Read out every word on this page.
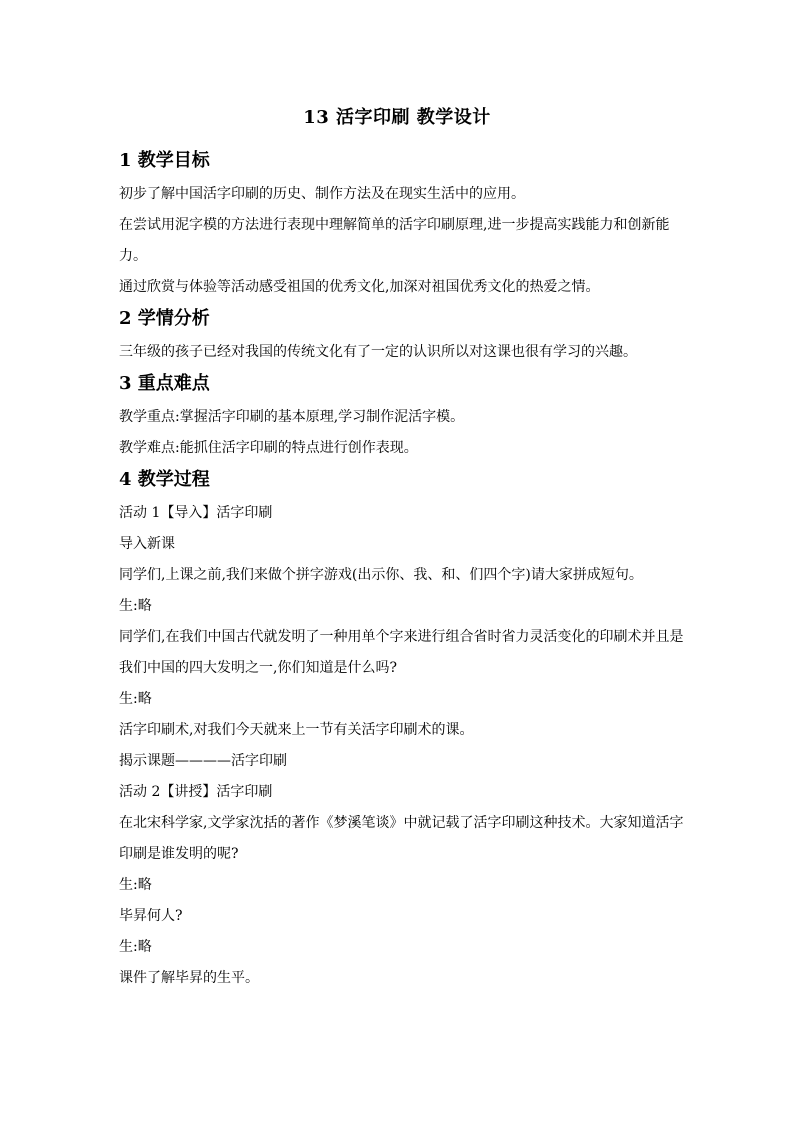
13 活字印刷 教学设计
1 教学目标

初步了解中国活字印刷的历史、制作方法及在现实生活中的应用。

在尝试用泥字模的方法进行表现中理解简单的活字印刷原理,进一步提高实践能力和创新能力。

通过欣赏与体验等活动感受祖国的优秀文化,加深对祖国优秀文化的热爱之情。

2 学情分析

三年级的孩子已经对我国的传统文化有了一定的认识所以对这课也很有学习的兴趣。

3 重点难点

教学重点:掌握活字印刷的基本原理,学习制作泥活字模。

教学难点:能抓住活字印刷的特点进行创作表现。

4 教学过程

活动 1【导入】活字印刷

导入新课

同学们,上课之前,我们来做个拼字游戏(出示你、我、和、们四个字)请大家拼成短句。

生:略

同学们,在我们中国古代就发明了一种用单个字来进行组合省时省力灵活变化的印刷术并且是我们中国的四大发明之一,你们知道是什么吗?

生:略

活字印刷术,对我们今天就来上一节有关活字印刷术的课。

揭示课题————活字印刷

活动 2【讲授】活字印刷

在北宋科学家,文学家沈括的著作《梦溪笔谈》中就记载了活字印刷这种技术。大家知道活字印刷是谁发明的呢?

生:略

毕昇何人?

生:略

课件了解毕昇的生平。
